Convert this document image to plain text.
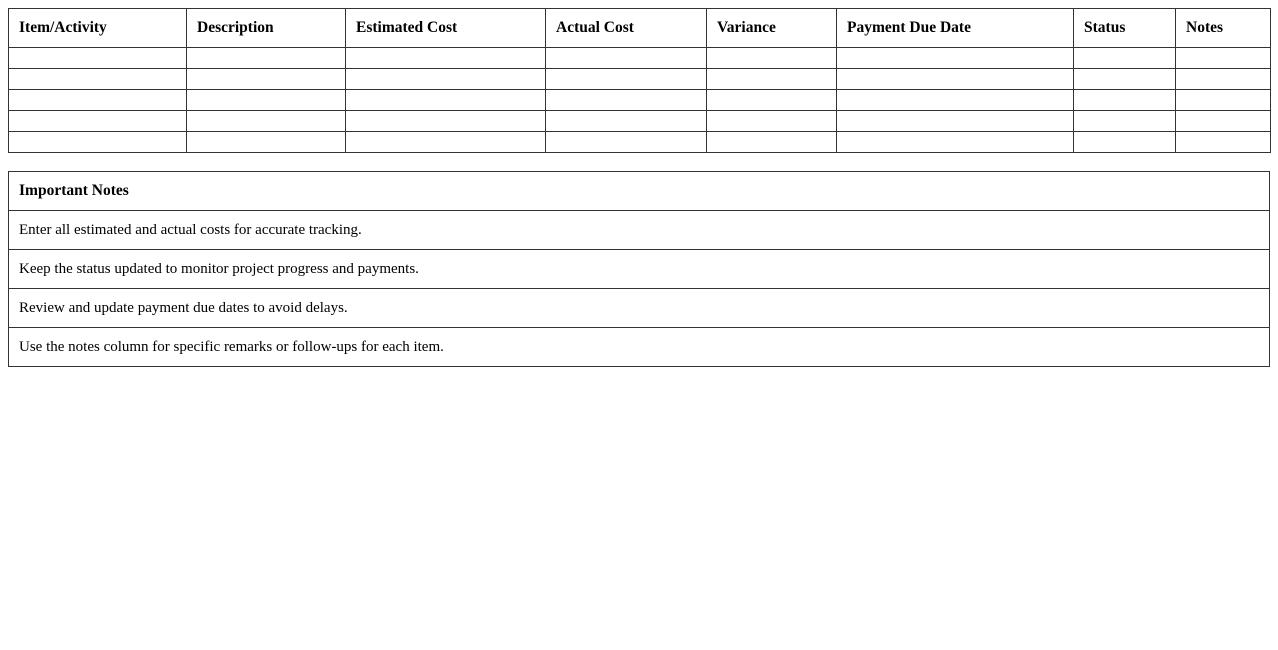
Item/Activity	Description	Estimated Cost	Actual Cost	Variance	Payment Due Date	Status	Notes

Important Notes
Enter all estimated and actual costs for accurate tracking.
Keep the status updated to monitor project progress and payments.
Review and update payment due dates to avoid delays.
Use the notes column for specific remarks or follow-ups for each item.
